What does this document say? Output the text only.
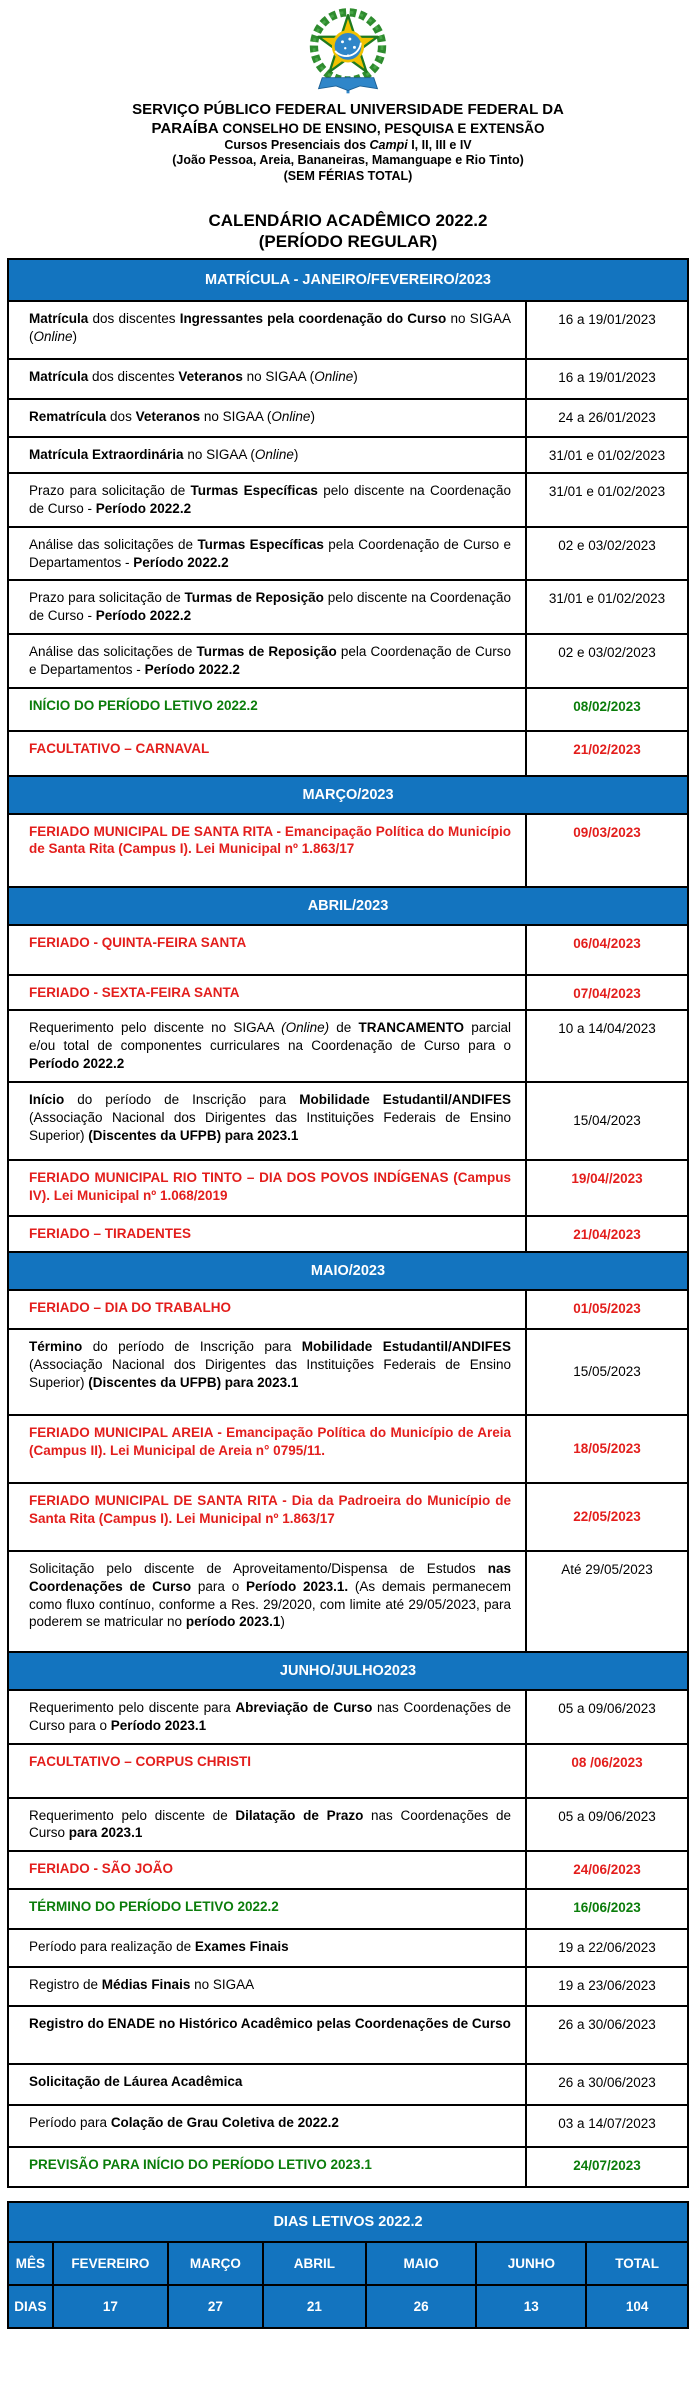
SERVIÇO PÚBLICO FEDERAL UNIVERSIDADE FEDERAL DA PARAÍBA CONSELHO DE ENSINO, PESQUISA E EXTENSÃO

Cursos Presenciais dos Campi I, II, III e IV

(João Pessoa, Areia, Bananeiras, Mamanguape e Rio Tinto)

(SEM FÉRIAS TOTAL)

CALENDÁRIO ACADÊMICO 2022.2
(PERÍODO REGULAR)
MATRÍCULA - JANEIRO/FEVEREIRO/2023
Matrícula dos discentes Ingressantes pela coordenação do Curso no SIGAA (Online)
16 a 19/01/2023
Matrícula dos discentes Veteranos no SIGAA (Online)	16 a 19/01/2023
Rematrícula dos Veteranos no SIGAA (Online)	24 a 26/01/2023
Matrícula Extraordinária no SIGAA (Online)	31/01 e 01/02/2023
Prazo para solicitação de Turmas Específicas pelo discente na Coordenação de Curso - Período 2022.2
31/01 e 01/02/2023
Análise das solicitações de Turmas Específicas pela Coordenação de Curso e Departamentos - Período 2022.2
02 e 03/02/2023
Prazo para solicitação de Turmas de Reposição pelo discente na Coordenação de Curso - Período 2022.2
31/01 e 01/02/2023
Análise das solicitações de Turmas de Reposição pela Coordenação de Curso e Departamentos - Período 2022.2
02 e 03/02/2023
INÍCIO DO PERÍODO LETIVO 2022.2	08/02/2023
FACULTATIVO – CARNAVAL	21/02/2023
MARÇO/2023
FERIADO MUNICIPAL DE SANTA RITA - Emancipação Política do Município de Santa Rita (Campus I). Lei Municipal nº 1.863/17
09/03/2023
ABRIL/2023
FERIADO - QUINTA-FEIRA SANTA	06/04/2023
FERIADO - SEXTA-FEIRA SANTA	07/04/2023
Requerimento pelo discente no SIGAA (Online) de TRANCAMENTO parcial e/ou total de componentes curriculares na Coordenação de Curso para o Período 2022.2
10 a 14/04/2023
Início do período de Inscrição para Mobilidade Estudantil/ANDIFES (Associação Nacional dos Dirigentes das Instituições Federais de Ensino Superior) (Discentes da UFPB) para 2023.1
15/04/2023
FERIADO MUNICIPAL RIO TINTO – DIA DOS POVOS INDÍGENAS (Campus IV). Lei Municipal nº 1.068/2019
19/04//2023
FERIADO – TIRADENTES	21/04/2023
MAIO/2023
FERIADO – DIA DO TRABALHO	01/05/2023
Término do período de Inscrição para Mobilidade Estudantil/ANDIFES (Associação Nacional dos Dirigentes das Instituições Federais de Ensino Superior) (Discentes da UFPB) para 2023.1
15/05/2023
FERIADO MUNICIPAL AREIA - Emancipação Política do Município de Areia (Campus II). Lei Municipal de Areia n° 0795/11.	18/05/2023
FERIADO MUNICIPAL DE SANTA RITA - Dia da Padroeira do Município de Santa Rita (Campus I). Lei Municipal nº 1.863/17	22/05/2023
Solicitação pelo discente de Aproveitamento/Dispensa de Estudos nas Coordenações de Curso para o Período 2023.1. (As demais permanecem como fluxo contínuo, conforme a Res. 29/2020, com limite até 29/05/2023, para poderem se matricular no período 2023.1)
Até 29/05/2023
JUNHO/JULHO2023
Requerimento pelo discente para Abreviação de Curso nas Coordenações de Curso para o Período 2023.1
05 a 09/06/2023
FACULTATIVO – CORPUS CHRISTI	08 /06/2023
Requerimento pelo discente de Dilatação de Prazo nas Coordenações de Curso para 2023.1
05 a 09/06/2023
FERIADO - SÃO JOÃO	24/06/2023
TÉRMINO DO PERÍODO LETIVO 2022.2	16/06/2023
Período para realização de Exames Finais	19 a 22/06/2023
Registro de Médias Finais no SIGAA	19 a 23/06/2023
Registro do ENADE no Histórico Acadêmico pelas Coordenações de Curso	26 a 30/06/2023
Solicitação de Láurea Acadêmica	26 a 30/06/2023
Período para Colação de Grau Coletiva de 2022.2	03 a 14/07/2023
PREVISÃO PARA INÍCIO DO PERÍODO LETIVO 2023.1	24/07/2023
DIAS LETIVOS 2022.2
MÊS	FEVEREIRO	MARÇO	ABRIL	MAIO	JUNHO	TOTAL
DIAS	17	27	21	26	13	104
